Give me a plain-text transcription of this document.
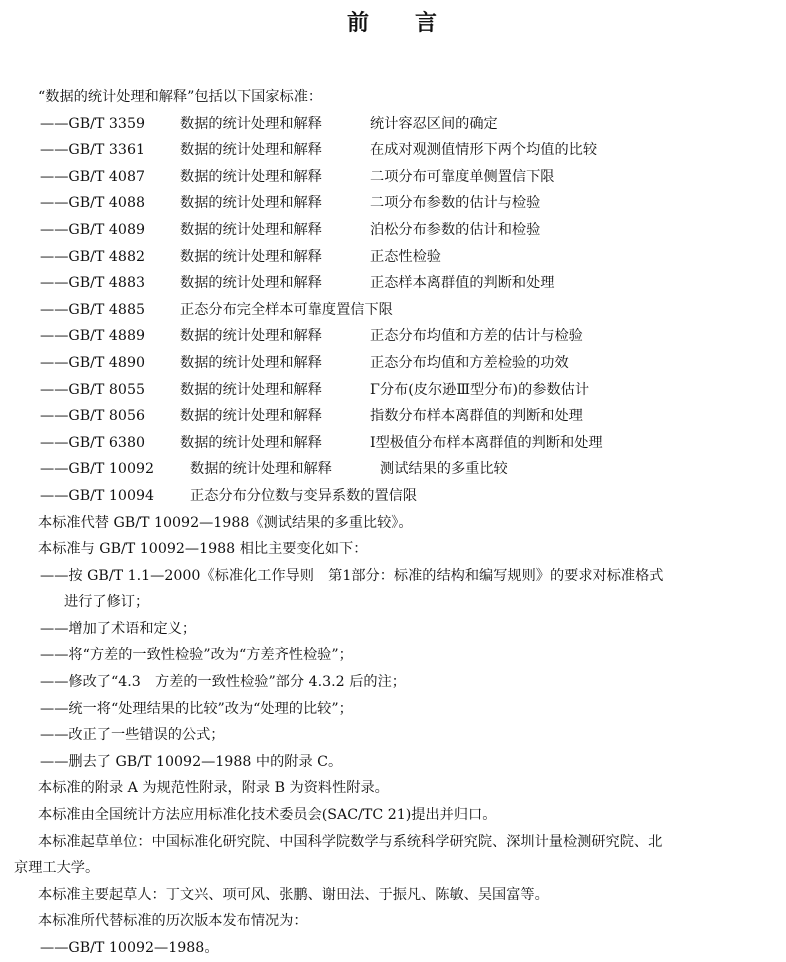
前 言
“数据的统计处理和解释”包括以下国家标准：
——GB/T 3359	数据的统计处理和解释	统计容忍区间的确定
——GB/T 3361	数据的统计处理和解释	在成对观测值情形下两个均值的比较
——GB/T 4087	数据的统计处理和解释	二项分布可靠度单侧置信下限
——GB/T 4088	数据的统计处理和解释	二项分布参数的估计与检验
——GB/T 4089	数据的统计处理和解释	泊松分布参数的估计和检验
——GB/T 4882	数据的统计处理和解释	正态性检验
——GB/T 4883	数据的统计处理和解释	正态样本离群值的判断和处理
——GB/T 4885	正态分布完全样本可靠度置信下限
——GB/T 4889	数据的统计处理和解释	正态分布均值和方差的估计与检验
——GB/T 4890	数据的统计处理和解释	正态分布均值和方差检验的功效
——GB/T 8055	数据的统计处理和解释	Γ分布(皮尔逊Ⅲ型分布)的参数估计
——GB/T 8056	数据的统计处理和解释	指数分布样本离群值的判断和处理
——GB/T 6380	数据的统计处理和解释	Ⅰ型极值分布样本离群值的判断和处理
——GB/T 10092	数据的统计处理和解释	测试结果的多重比较
——GB/T 10094	正态分布分位数与变异系数的置信限
本标准代替 GB/T 10092—1988《测试结果的多重比较》。
本标准与 GB/T 10092—1988 相比主要变化如下：
——按 GB/T 1.1—2000《标准化工作导则　第1部分：标准的结构和编写规则》的要求对标准格式
进行了修订；
——增加了术语和定义；
——将“方差的一致性检验”改为“方差齐性检验”；
——修改了“4.3　方差的一致性检验”部分 4.3.2 后的注；
——统一将“处理结果的比较”改为“处理的比较”；
——改正了一些错误的公式；
——删去了 GB/T 10092—1988 中的附录 C。
本标准的附录 A 为规范性附录，附录 B 为资料性附录。
本标准由全国统计方法应用标准化技术委员会(SAC/TC 21)提出并归口。
本标准起草单位：中国标准化研究院、中国科学院数学与系统科学研究院、深圳计量检测研究院、北
京理工大学。
本标准主要起草人：丁文兴、项可风、张鹏、谢田法、于振凡、陈敏、吴国富等。
本标准所代替标准的历次版本发布情况为：
——GB/T 10092—1988。
